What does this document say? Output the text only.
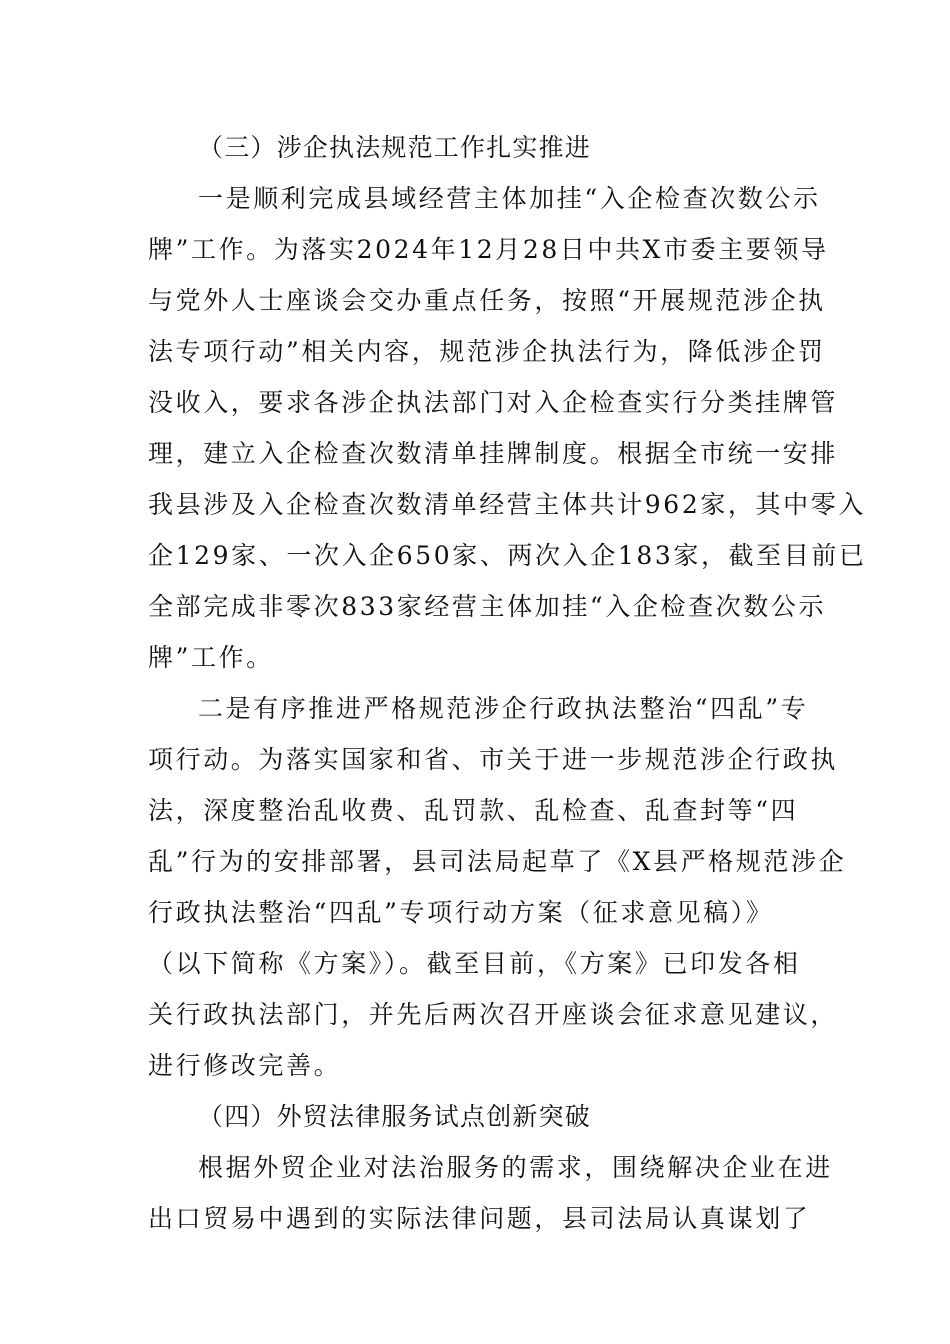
（三）涉企执法规范工作扎实推进
一是顺利完成县域经营主体加挂“入企检查次数公示
牌”工作。为落实2024年12月28日中共X市委主要领导
与党外人士座谈会交办重点任务，按照“开展规范涉企执
法专项行动”相关内容，规范涉企执法行为，降低涉企罚
没收入，要求各涉企执法部门对入企检查实行分类挂牌管
理，建立入企检查次数清单挂牌制度。根据全市统一安排
我县涉及入企检查次数清单经营主体共计962家，其中零入
企129家、一次入企650家、两次入企183家，截至目前已
全部完成非零次833家经营主体加挂“入企检查次数公示
牌”工作。
二是有序推进严格规范涉企行政执法整治“四乱”专
项行动。为落实国家和省、市关于进一步规范涉企行政执
法，深度整治乱收费、乱罚款、乱检查、乱查封等“四
乱”行为的安排部署，县司法局起草了《X县严格规范涉企
行政执法整治“四乱”专项行动方案（征求意见稿）》
（以下简称《方案》）。截至目前，《方案》已印发各相
关行政执法部门，并先后两次召开座谈会征求意见建议，
进行修改完善。
（四）外贸法律服务试点创新突破
根据外贸企业对法治服务的需求，围绕解决企业在进
出口贸易中遇到的实际法律问题，县司法局认真谋划了
